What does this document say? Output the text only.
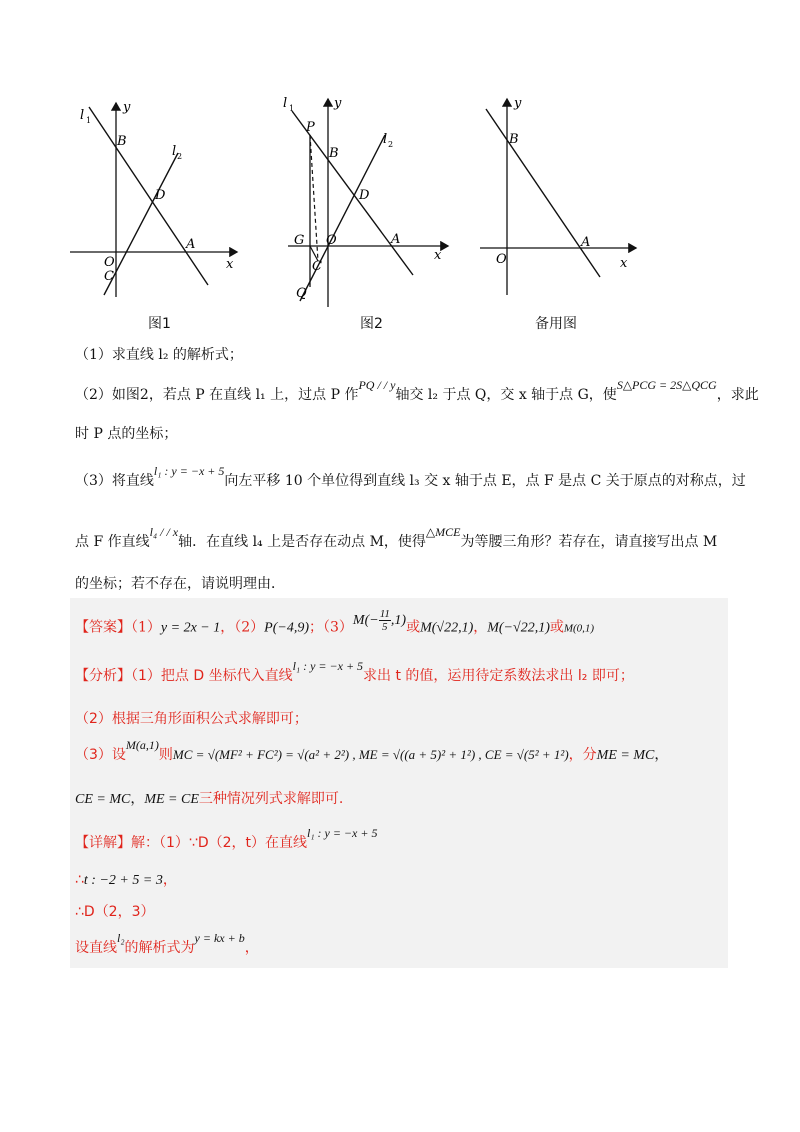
l 1
y
l 2
B
D
A
O
C
x
图1
l 1	y
P
l 2
B
D
A
G O
C
Q
x
图2
y
B
A
O	x
备用图
（1）求直线 l₂ 的解析式；
（2）如图2，若点 P 在直线 l₁ 上，过点 P 作PQ / / y轴交 l₂ 于点 Q，交 x 轴于点 G，使S△PCG = 2S△QCG，求此
时 P 点的坐标；
（3）将直线l₁ : y = −x + 5向左平移 10 个单位得到直线 l₃ 交 x 轴于点 E，点 F 是点 C 关于原点的对称点，过
点 F 作直线l₄ / / x轴．在直线 l₄ 上是否存在动点 M，使得△MCE为等腰三角形？若存在，请直接写出点 M
的坐标；若不存在，请说明理由．
【答案】（1）y = 2x − 1，（2）P(−4,9)；$(3)M(- \frac{11}{5} ,1)$或M(√22,1)，M(−√22,1)或M(0,1)
【分析】（1）把点 D 坐标代入直线l₁ : y = −x + 5求出 t 的值，运用待定系数法求出 l₂ 即可；
（2）根据三角形面积公式求解即可；
（3）设M(a,1)则MC = √(MF² + FC²) = √(a² + 2²) , ME = √((a + 5)² + 1²) , CE = √(5² + 1²)，分ME = MC，
CE = MC，ME = CE三种情况列式求解即可.
【详解】解：（1）∵D（2，t）在直线l₁ : y = −x + 5
∴t : −2 + 5 = 3，
∴D（2，3）
设直线l₂的解析式为y = kx + b，
